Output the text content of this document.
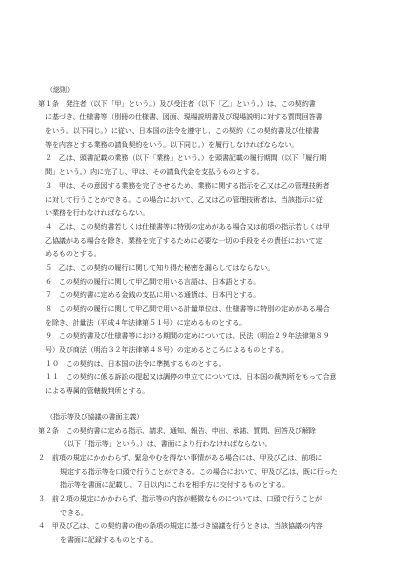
（総則）
第１条　発注者（以下「甲」という。）及び受注者（以下「乙」という。）は、この契約書
に基づき、仕様書等（別冊の仕様書、図面、現場説明書及び現場説明に対する質問回答書
をいう。以下同じ。）に従い、日本国の法令を遵守し、この契約（この契約書及び仕様書
等を内容とする業務の請負契約をいう。以下同じ。）を履行しなければならない。
２　乙は、頭書記載の業務（以下「業務」という。）を頭書記載の履行期間（以下「履行期
間」という。）内に完了し、甲は、その請負代金を支払うものとする。
３　甲は、その意図する業務を完了させるため、業務に関する指示を乙又は乙の管理技術者
に対して行うことができる。この場合において、乙又は乙の管理技術者は、当該指示に従
い業務を行わなければならない。
４　乙は、この契約書若しくは仕様書等に特別の定めがある場合又は前項の指示若しくは甲
乙協議がある場合を除き、業務を完了するために必要な一切の手段をその責任において定
めるものとする。
５　乙は、この契約の履行に関して知り得た秘密を漏らしてはならない。
６　この契約の履行に関して甲乙間で用いる言語は、日本語とする。
７　この契約書に定める金銭の支払に用いる通貨は、日本円とする。
８　この契約の履行に関して甲乙間で用いる計量単位は、仕様書等に特別の定めがある場合
を除き、計量法（平成４年法律第５１号）に定めるものとする。
９　この契約書及び仕様書等における期間の定めについては、民法（明治２９年法律第８９
号）及び商法（明治３２年法律第４８号）の定めるところによるものとする。
１０　この契約は、日本国の法令に準拠するものとする。
１１　この契約に係る訴訟の提起又は調停の申立てについては、日本国の裁判所をもって合意
による専属的管轄裁判所とする。
（指示等及び協議の書面主義）
第２条　この契約書に定める指示、請求、通知、報告、申出、承諾、質問、回答及び解除
（以下「指示等」という。）は、書面により行わなければならない。
２　前項の規定にかかわらず、緊急やむを得ない事情がある場合には、甲及び乙は、前項に
規定する指示等を口頭で行うことができる。この場合において、甲及び乙は、既に行った
指示等を書面に記載し、７日以内にこれを相手方に交付するものとする。
３　前２項の規定にかかわらず、指示等の内容が軽微なものについては、口頭で行うことが
できる。
４　甲及び乙は、この契約書の他の条項の規定に基づき協議を行うときは、当該協議の内容
を書面に記録するものとする。
